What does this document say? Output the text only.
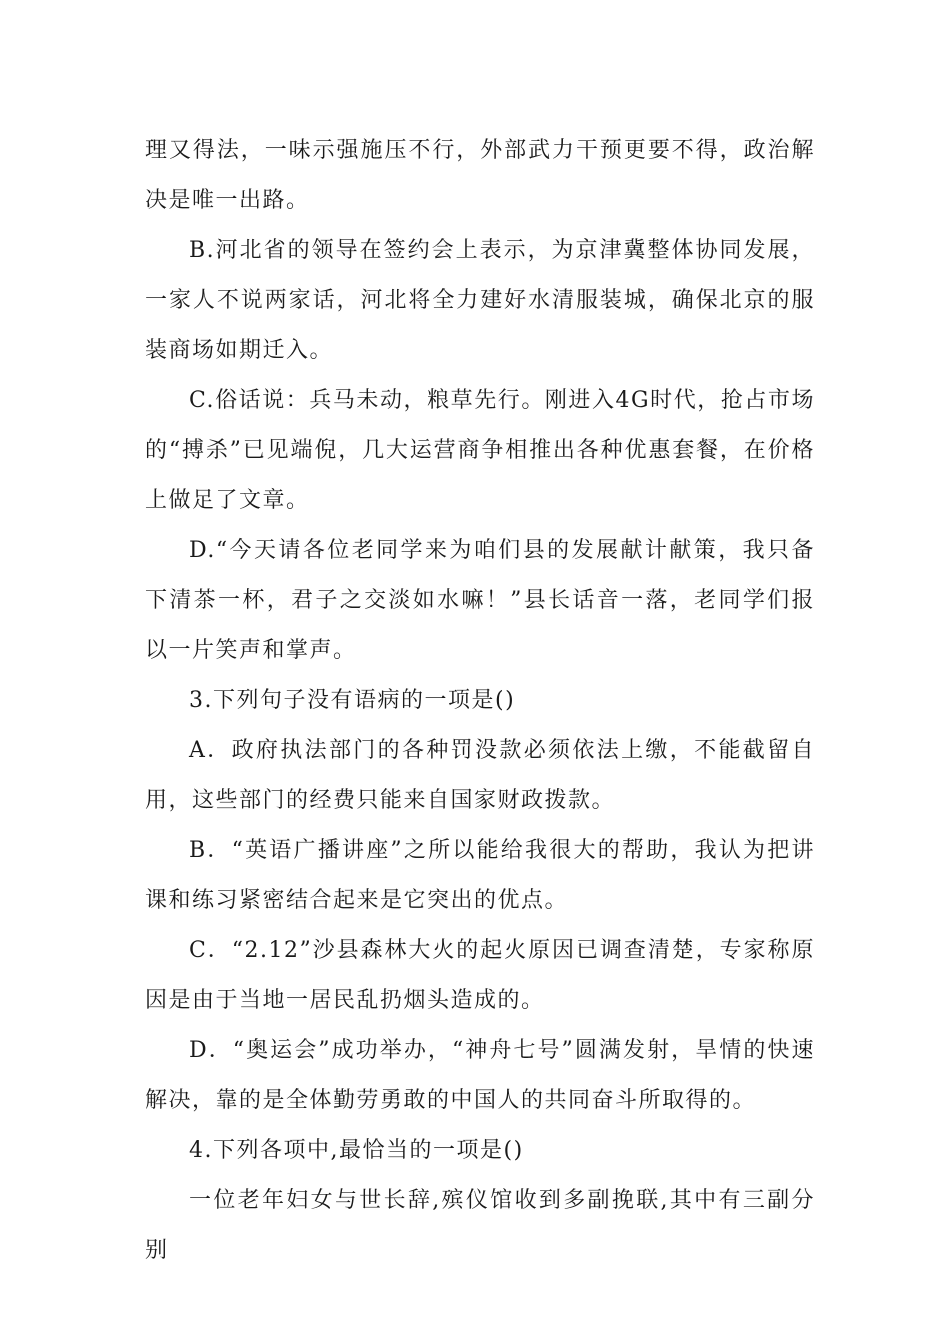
理又得法，一味示强施压不行，外部武力干预更要不得，政治解决是唯一出路。

B.河北省的领导在签约会上表示，为京津冀整体协同发展，一家人不说两家话，河北将全力建好水清服装城，确保北京的服装商场如期迁入。

C.俗话说：兵马未动，粮草先行。刚进入4G时代，抢占市场的“搏杀”已见端倪，几大运营商争相推出各种优惠套餐，在价格上做足了文章。

D.“今天请各位老同学来为咱们县的发展献计献策，我只备下清茶一杯，君子之交淡如水嘛！”县长话音一落，老同学们报以一片笑声和掌声。

3.下列句子没有语病的一项是()

A．政府执法部门的各种罚没款必须依法上缴，不能截留自用，这些部门的经费只能来自国家财政拨款。

B．“英语广播讲座”之所以能给我很大的帮助，我认为把讲课和练习紧密结合起来是它突出的优点。

C．“2.12”沙县森林大火的起火原因已调查清楚，专家称原因是由于当地一居民乱扔烟头造成的。

D．“奥运会”成功举办，“神舟七号”圆满发射，旱情的快速解决，靠的是全体勤劳勇敢的中国人的共同奋斗所取得的。

4.下列各项中,最恰当的一项是()

一位老年妇女与世长辞,殡仪馆收到多副挽联,其中有三副分别
